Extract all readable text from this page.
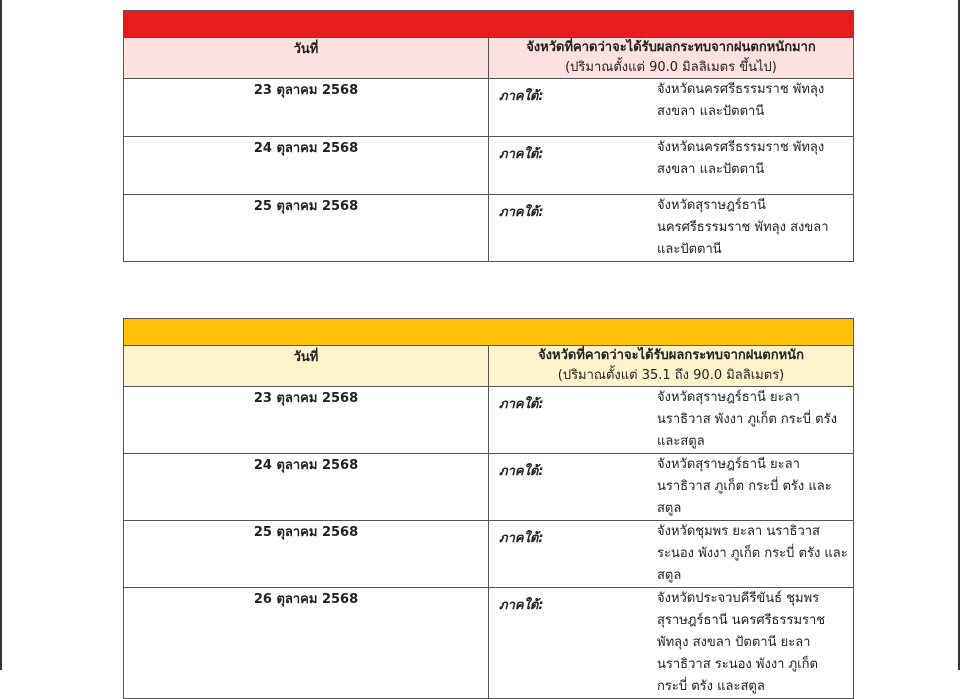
วันที่	จังหวัดที่คาดว่าจะได้รับผลกระทบจากฝนตกหนักมาก
(ปริมาณตั้งแต่ 90.0 มิลลิเมตร ขึ้นไป)

23 ตุลาคม 2568	ภาคใต้: จังหวัดนครศรีธรรมราช พัทลุง สงขลา และปัตตานี

24 ตุลาคม 2568	ภาคใต้: จังหวัดนครศรีธรรมราช พัทลุง สงขลา และปัตตานี

25 ตุลาคม 2568	ภาคใต้: จังหวัดสุราษฎร์ธานี นครศรีธรรมราช พัทลุง สงขลา และปัตตานี

วันที่	จังหวัดที่คาดว่าจะได้รับผลกระทบจากฝนตกหนัก
(ปริมาณตั้งแต่ 35.1 ถึง 90.0 มิลลิเมตร)

23 ตุลาคม 2568	ภาคใต้: จังหวัดสุราษฎร์ธานี ยะลา นราธิวาส พังงา ภูเก็ต กระบี่ ตรัง และสตูล

24 ตุลาคม 2568	ภาคใต้: จังหวัดสุราษฎร์ธานี ยะลา นราธิวาส ภูเก็ต กระบี่ ตรัง และสตูล

25 ตุลาคม 2568	ภาคใต้: จังหวัดชุมพร ยะลา นราธิวาส ระนอง พังงา ภูเก็ต กระบี่ ตรัง และสตูล

26 ตุลาคม 2568	ภาคใต้: จังหวัดประจวบคีรีขันธ์ ชุมพร สุราษฎร์ธานี นครศรีธรรมราช พัทลุง สงขลา ปัตตานี ยะลา นราธิวาส ระนอง พังงา ภูเก็ต กระบี่ ตรัง และสตูล
